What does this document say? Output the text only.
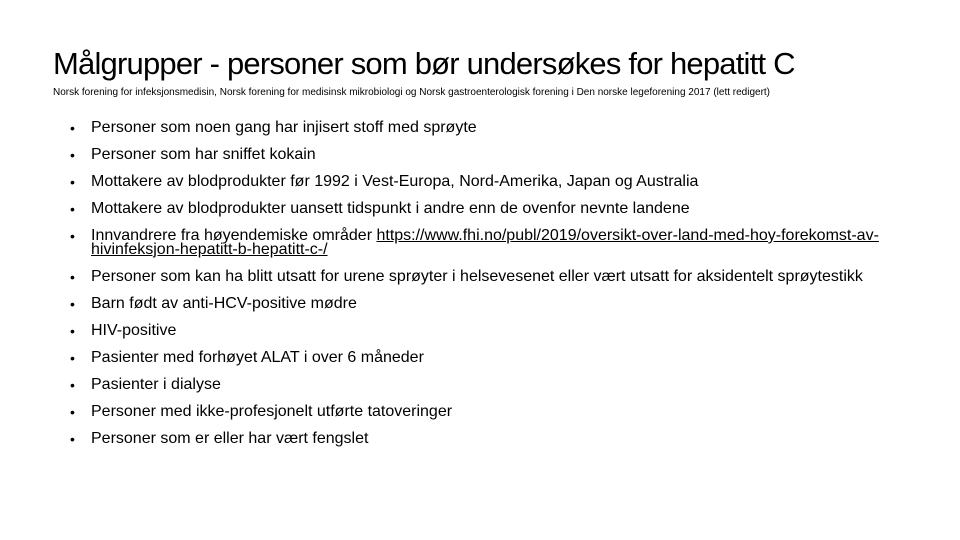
Målgrupper - personer som bør undersøkes for hepatitt C
Norsk forening for infeksjonsmedisin, Norsk forening for medisinsk mikrobiologi og Norsk gastroenterologisk forening i Den norske legeforening 2017 (lett redigert)
•	Personer som noen gang har injisert stoff med sprøyte
•	Personer som har sniffet kokain
•	Mottakere av blodprodukter før 1992 i Vest-Europa, Nord-Amerika, Japan og Australia
•	Mottakere av blodprodukter uansett tidspunkt i andre enn de ovenfor nevnte landene
•	Innvandrere fra høyendemiske områder https://www.fhi.no/publ/2019/oversikt-over-land-med-hoy-forekomst-av-hivinfeksjon-hepatitt-b-hepatitt-c-/
•	Personer som kan ha blitt utsatt for urene sprøyter i helsevesenet eller vært utsatt for aksidentelt sprøytestikk
•	Barn født av anti-HCV-positive mødre
•	HIV-positive
•	Pasienter med forhøyet ALAT i over 6 måneder
•	Pasienter i dialyse
•	Personer med ikke-profesjonelt utførte tatoveringer
•	Personer som er eller har vært fengslet
